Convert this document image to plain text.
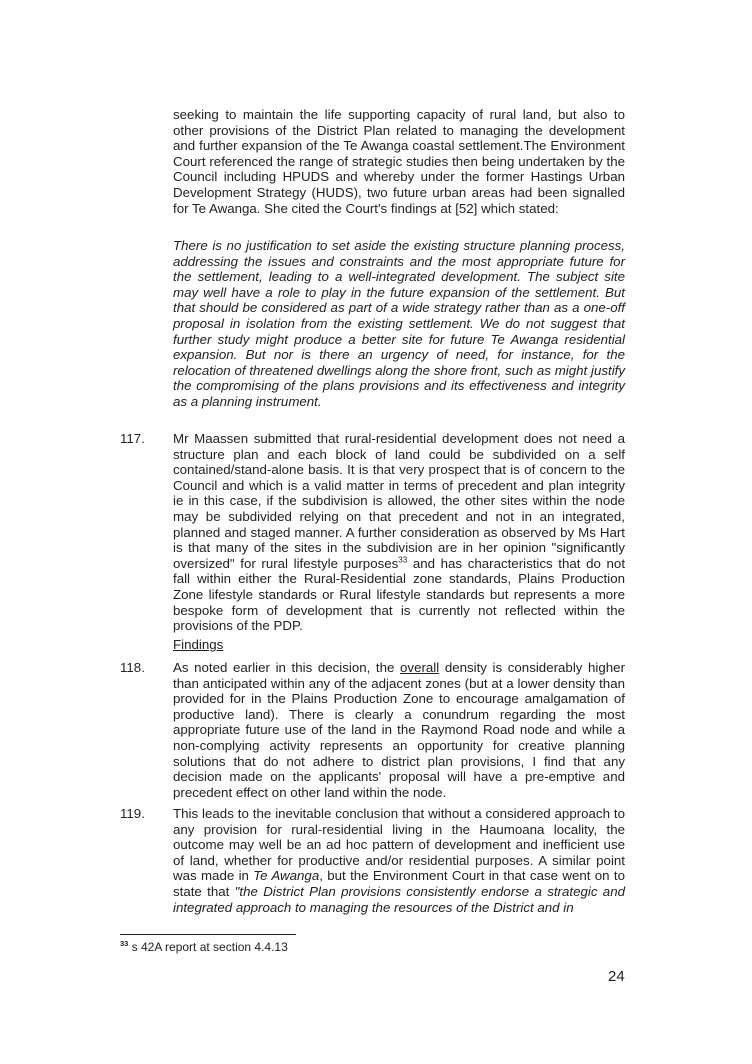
seeking to maintain the life supporting capacity of rural land, but also to other provisions of the District Plan related to managing the development and further expansion of the Te Awanga coastal settlement.The Environment Court referenced the range of strategic studies then being undertaken by the Council including HPUDS and whereby under the former Hastings Urban Development Strategy (HUDS), two future urban areas had been signalled for Te Awanga. She cited the Court's findings at [52] which stated:
There is no justification to set aside the existing structure planning process, addressing the issues and constraints and the most appropriate future for the settlement, leading to a well-integrated development. The subject site may well have a role to play in the future expansion of the settlement. But that should be considered as part of a wide strategy rather than as a one-off proposal in isolation from the existing settlement. We do not suggest that further study might produce a better site for future Te Awanga residential expansion. But nor is there an urgency of need, for instance, for the relocation of threatened dwellings along the shore front, such as might justify the compromising of the plans provisions and its effectiveness and integrity as a planning instrument.
117. Mr Maassen submitted that rural-residential development does not need a structure plan and each block of land could be subdivided on a self contained/stand-alone basis. It is that very prospect that is of concern to the Council and which is a valid matter in terms of precedent and plan integrity ie in this case, if the subdivision is allowed, the other sites within the node may be subdivided relying on that precedent and not in an integrated, planned and staged manner. A further consideration as observed by Ms Hart is that many of the sites in the subdivision are in her opinion "significantly oversized" for rural lifestyle purposes$^{33}$ and has characteristics that do not fall within either the Rural-Residential zone standards, Plains Production Zone lifestyle standards or Rural lifestyle standards but represents a more bespoke form of development that is currently not reflected within the provisions of the PDP.
Findings
118. As noted earlier in this decision, the overall density is considerably higher than anticipated within any of the adjacent zones (but at a lower density than provided for in the Plains Production Zone to encourage amalgamation of productive land). There is clearly a conundrum regarding the most appropriate future use of the land in the Raymond Road node and while a non-complying activity represents an opportunity for creative planning solutions that do not adhere to district plan provisions, I find that any decision made on the applicants' proposal will have a pre-emptive and precedent effect on other land within the node.
119. This leads to the inevitable conclusion that without a considered approach to any provision for rural-residential living in the Haumoana locality, the outcome may well be an ad hoc pattern of development and inefficient use of land, whether for productive and/or residential purposes. A similar point was made in Te Awanga, but the Environment Court in that case went on to state that "the District Plan provisions consistently endorse a strategic and integrated approach to managing the resources of the District and in
$^{33}$ s 42A report at section 4.4.13
24
